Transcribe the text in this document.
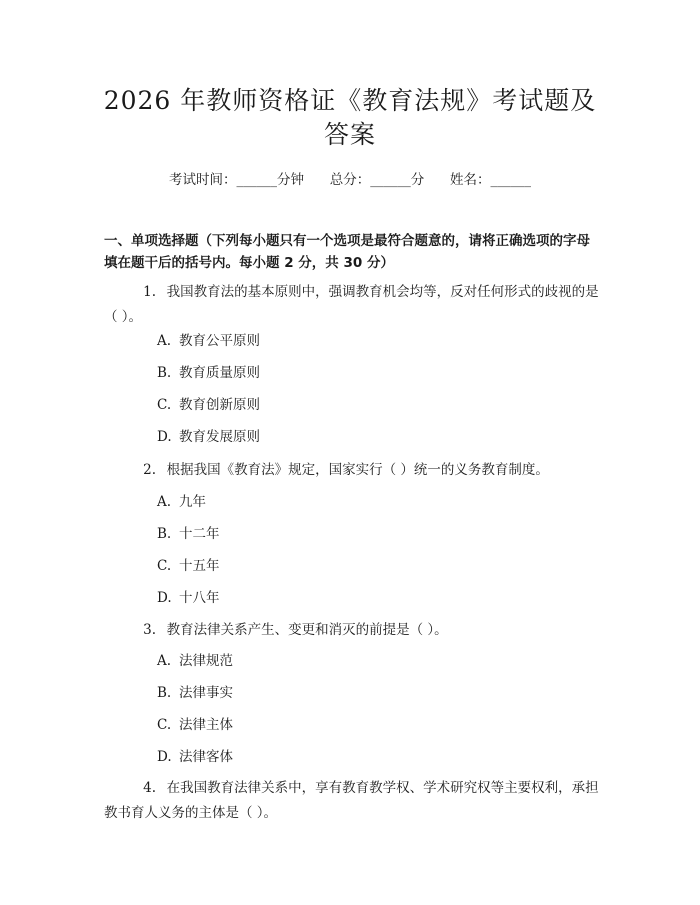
2026 年教师资格证《教育法规》考试题及答案
考试时间：______分钟      总分：______分      姓名：______

一、单项选择题（下列每小题只有一个选项是最符合题意的，请将正确选项的字母填在题干后的括号内。每小题 2 分，共 30 分）

1. 我国教育法的基本原则中，强调教育机会均等，反对任何形式的歧视的是（ ）。

A. 教育公平原则
B. 教育质量原则
C. 教育创新原则
D. 教育发展原则

2. 根据我国《教育法》规定，国家实行（ ）统一的义务教育制度。

A. 九年
B. 十二年
C. 十五年
D. 十八年

3. 教育法律关系产生、变更和消灭的前提是（ ）。

A. 法律规范
B. 法律事实
C. 法律主体
D. 法律客体

4. 在我国教育法律关系中，享有教育教学权、学术研究权等主要权利，承担教书育人义务的主体是（ ）。
